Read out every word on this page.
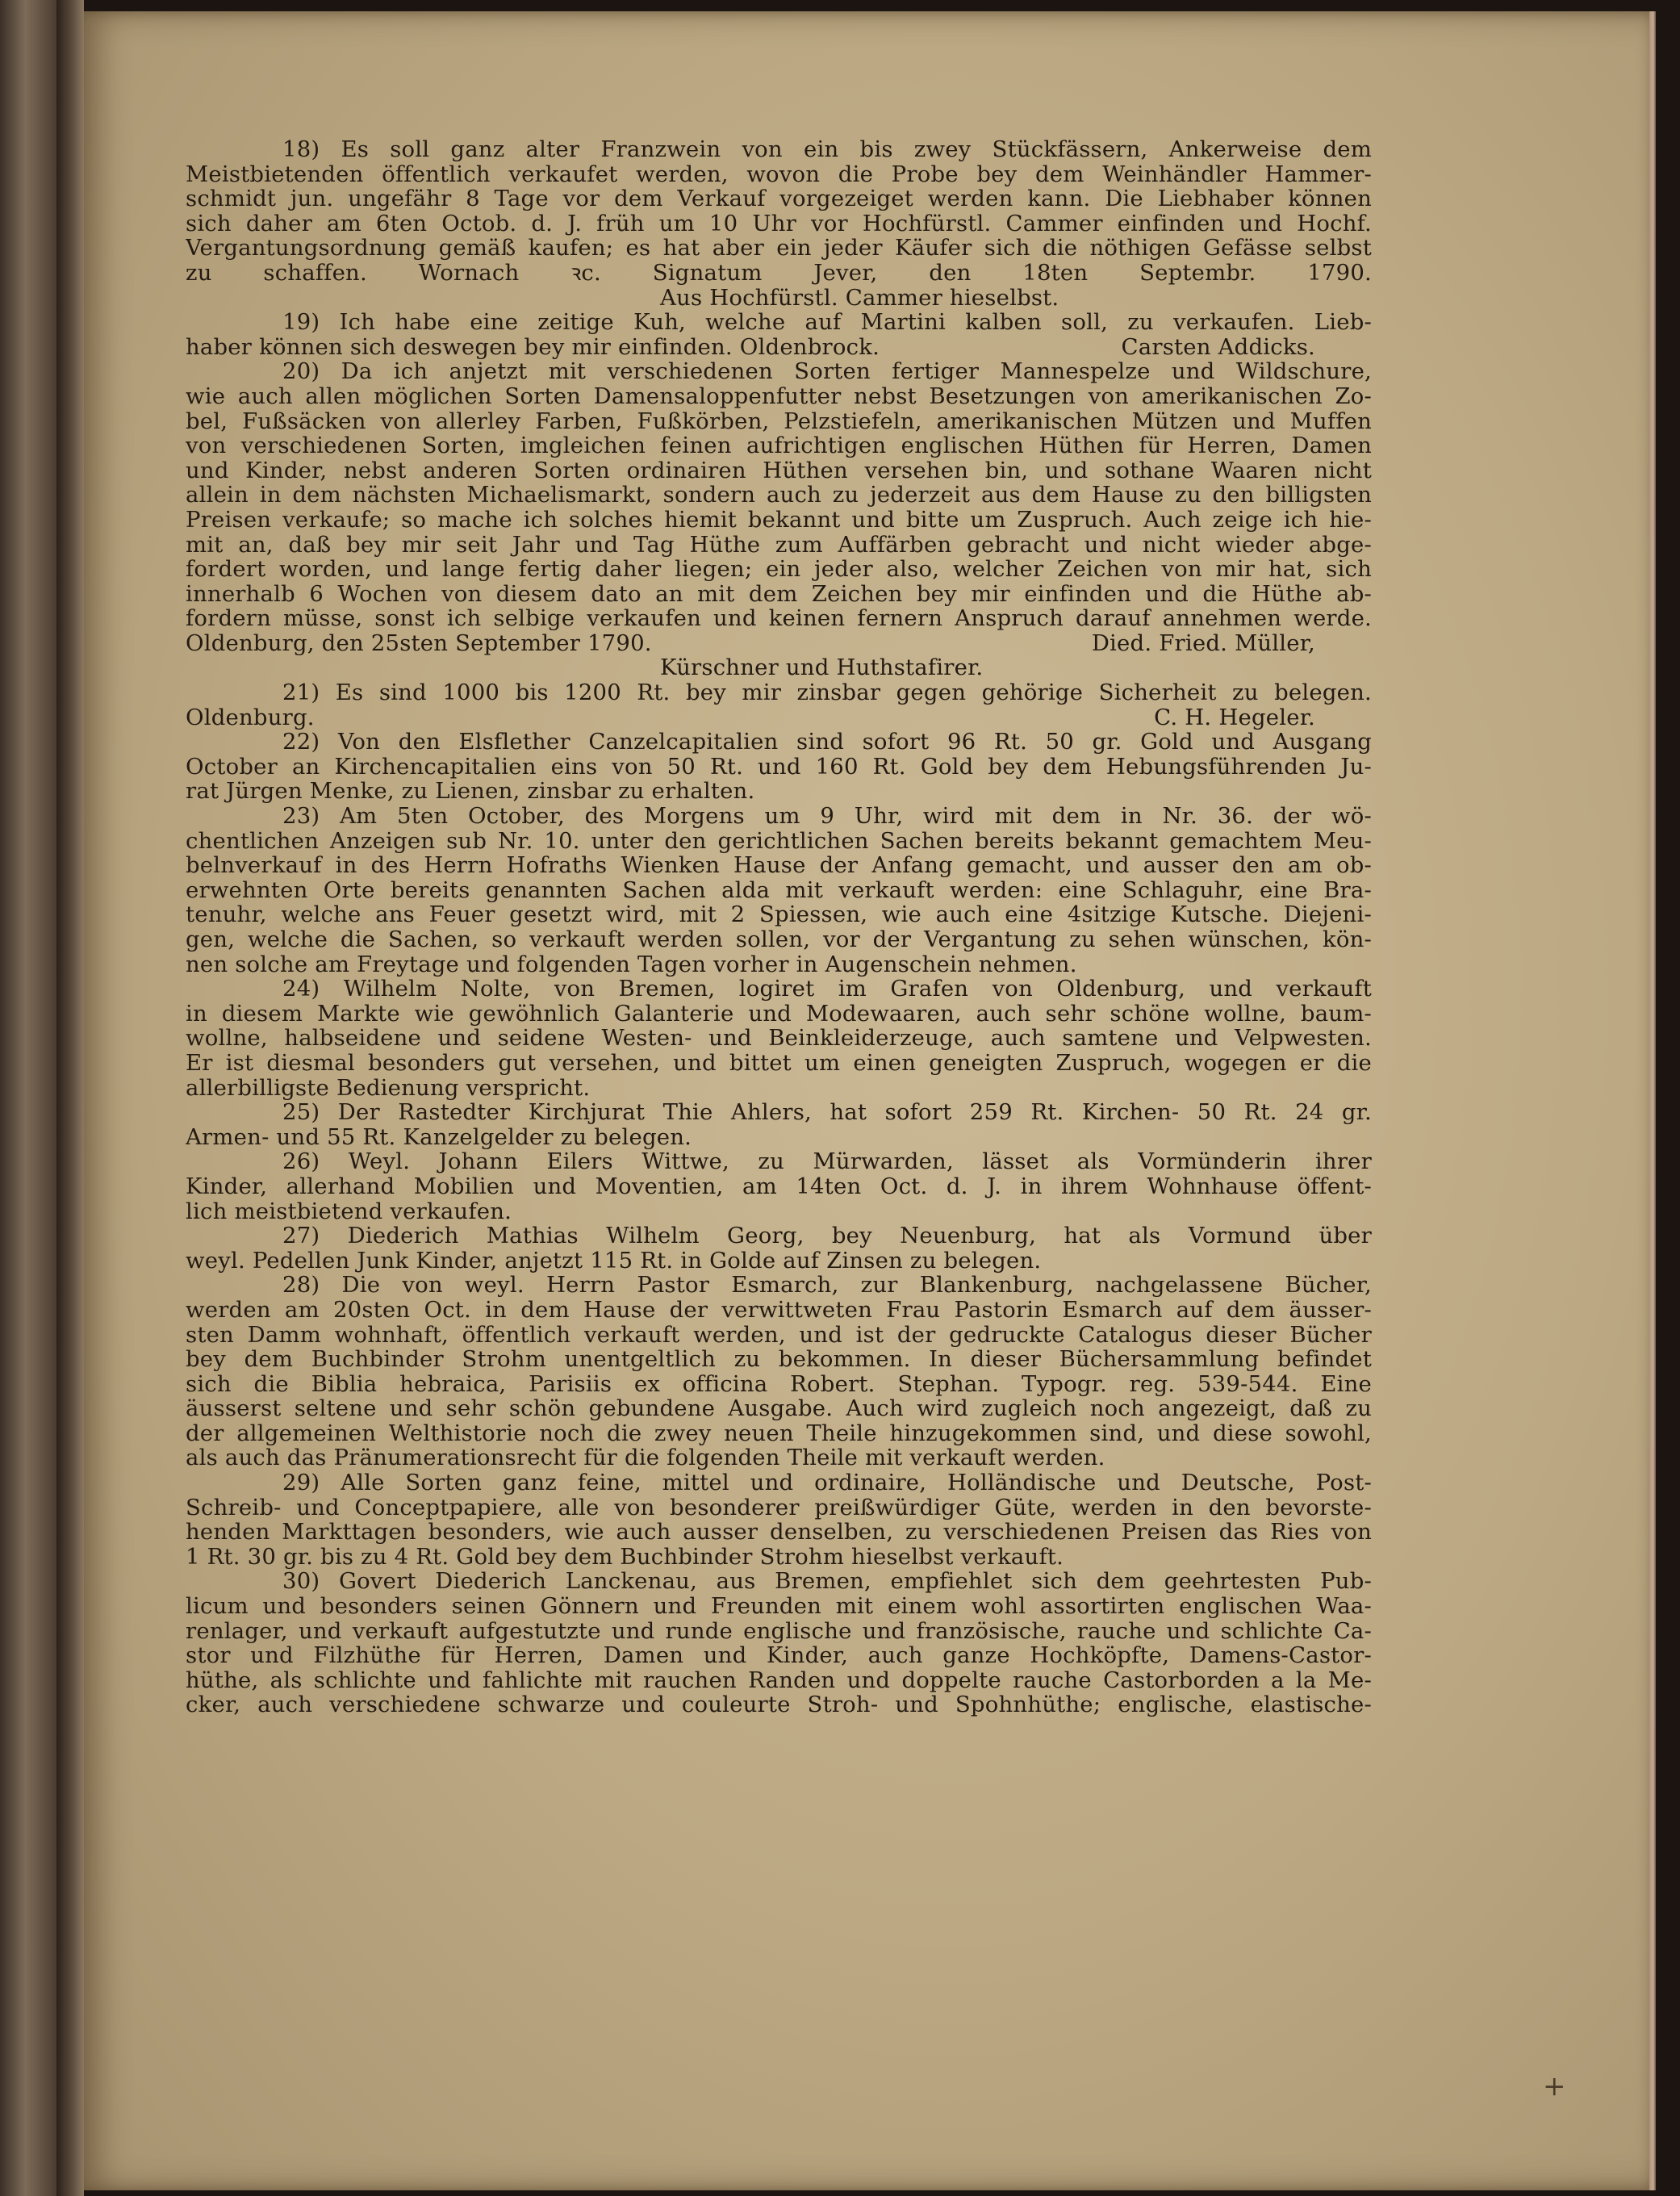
18) Es soll ganz alter Franzwein von ein bis zwey Stückfässern, Ankerweise dem
Meistbietenden öffentlich verkaufet werden, wovon die Probe bey dem Weinhändler Hammer-
schmidt jun. ungefähr 8 Tage vor dem Verkauf vorgezeiget werden kann. Die Liebhaber können
sich daher am 6ten Octob. d. J. früh um 10 Uhr vor Hochfürstl. Cammer einfinden und Hochf.
Vergantungsordnung gemäß kaufen; es hat aber ein jeder Käufer sich die nöthigen Gefässe selbst
zu schaffen. Wornach ꝛc. Signatum Jever, den 18ten Septembr. 1790.
Aus Hochfürstl. Cammer hieselbst.
19) Ich habe eine zeitige Kuh, welche auf Martini kalben soll, zu verkaufen. Lieb-
haber können sich deswegen bey mir einfinden. Oldenbrock.	Carsten Addicks.
20) Da ich anjetzt mit verschiedenen Sorten fertiger Mannespelze und Wildschure,
wie auch allen möglichen Sorten Damensaloppenfutter nebst Besetzungen von amerikanischen Zo-
bel, Fußsäcken von allerley Farben, Fußkörben, Pelzstiefeln, amerikanischen Mützen und Muffen
von verschiedenen Sorten, imgleichen feinen aufrichtigen englischen Hüthen für Herren, Damen
und Kinder, nebst anderen Sorten ordinairen Hüthen versehen bin, und sothane Waaren nicht
allein in dem nächsten Michaelismarkt, sondern auch zu jederzeit aus dem Hause zu den billigsten
Preisen verkaufe; so mache ich solches hiemit bekannt und bitte um Zuspruch. Auch zeige ich hie-
mit an, daß bey mir seit Jahr und Tag Hüthe zum Auffärben gebracht und nicht wieder abge-
fordert worden, und lange fertig daher liegen; ein jeder also, welcher Zeichen von mir hat, sich
innerhalb 6 Wochen von diesem dato an mit dem Zeichen bey mir einfinden und die Hüthe ab-
fordern müsse, sonst ich selbige verkaufen und keinen fernern Anspruch darauf annehmen werde.
Oldenburg, den 25sten September 1790.	Died. Fried. Müller,
Kürschner und Huthstafirer.
21) Es sind 1000 bis 1200 Rt. bey mir zinsbar gegen gehörige Sicherheit zu belegen.
Oldenburg.	C. H. Hegeler.
22) Von den Elsflether Canzelcapitalien sind sofort 96 Rt. 50 gr. Gold und Ausgang
October an Kirchencapitalien eins von 50 Rt. und 160 Rt. Gold bey dem Hebungsführenden Ju-
rat Jürgen Menke, zu Lienen, zinsbar zu erhalten.
23) Am 5ten October, des Morgens um 9 Uhr, wird mit dem in Nr. 36. der wö-
chentlichen Anzeigen sub Nr. 10. unter den gerichtlichen Sachen bereits bekannt gemachtem Meu-
belnverkauf in des Herrn Hofraths Wienken Hause der Anfang gemacht, und ausser den am ob-
erwehnten Orte bereits genannten Sachen alda mit verkauft werden: eine Schlaguhr, eine Bra-
tenuhr, welche ans Feuer gesetzt wird, mit 2 Spiessen, wie auch eine 4sitzige Kutsche. Diejeni-
gen, welche die Sachen, so verkauft werden sollen, vor der Vergantung zu sehen wünschen, kön-
nen solche am Freytage und folgenden Tagen vorher in Augenschein nehmen.
24) Wilhelm Nolte, von Bremen, logiret im Grafen von Oldenburg, und verkauft
in diesem Markte wie gewöhnlich Galanterie und Modewaaren, auch sehr schöne wollne, baum-
wollne, halbseidene und seidene Westen- und Beinkleiderzeuge, auch samtene und Velpwesten.
Er ist diesmal besonders gut versehen, und bittet um einen geneigten Zuspruch, wogegen er die
allerbilligste Bedienung verspricht.
25) Der Rastedter Kirchjurat Thie Ahlers, hat sofort 259 Rt. Kirchen- 50 Rt. 24 gr.
Armen- und 55 Rt. Kanzelgelder zu belegen.
26) Weyl. Johann Eilers Wittwe, zu Mürwarden, lässet als Vormünderin ihrer
Kinder, allerhand Mobilien und Moventien, am 14ten Oct. d. J. in ihrem Wohnhause öffent-
lich meistbietend verkaufen.
27) Diederich Mathias Wilhelm Georg, bey Neuenburg, hat als Vormund über
weyl. Pedellen Junk Kinder, anjetzt 115 Rt. in Golde auf Zinsen zu belegen.
28) Die von weyl. Herrn Pastor Esmarch, zur Blankenburg, nachgelassene Bücher,
werden am 20sten Oct. in dem Hause der verwittweten Frau Pastorin Esmarch auf dem äusser-
sten Damm wohnhaft, öffentlich verkauft werden, und ist der gedruckte Catalogus dieser Bücher
bey dem Buchbinder Strohm unentgeltlich zu bekommen. In dieser Büchersammlung befindet
sich die Biblia hebraica, Parisiis ex officina Robert. Stephan. Typogr. reg. 539-544. Eine
äusserst seltene und sehr schön gebundene Ausgabe. Auch wird zugleich noch angezeigt, daß zu
der allgemeinen Welthistorie noch die zwey neuen Theile hinzugekommen sind, und diese sowohl,
als auch das Pränumerationsrecht für die folgenden Theile mit verkauft werden.
29) Alle Sorten ganz feine, mittel und ordinaire, Holländische und Deutsche, Post-
Schreib- und Conceptpapiere, alle von besonderer preißwürdiger Güte, werden in den bevorste-
henden Markttagen besonders, wie auch ausser denselben, zu verschiedenen Preisen das Ries von
1 Rt. 30 gr. bis zu 4 Rt. Gold bey dem Buchbinder Strohm hieselbst verkauft.
30) Govert Diederich Lanckenau, aus Bremen, empfiehlet sich dem geehrtesten Pub-
licum und besonders seinen Gönnern und Freunden mit einem wohl assortirten englischen Waa-
renlager, und verkauft aufgestutzte und runde englische und französische, rauche und schlichte Ca-
stor und Filzhüthe für Herren, Damen und Kinder, auch ganze Hochköpfte, Damens-Castor-
hüthe, als schlichte und fahlichte mit rauchen Randen und doppelte rauche Castorborden a la Me-
cker, auch verschiedene schwarze und couleurte Stroh- und Spohnhüthe; englische, elastische-
+
